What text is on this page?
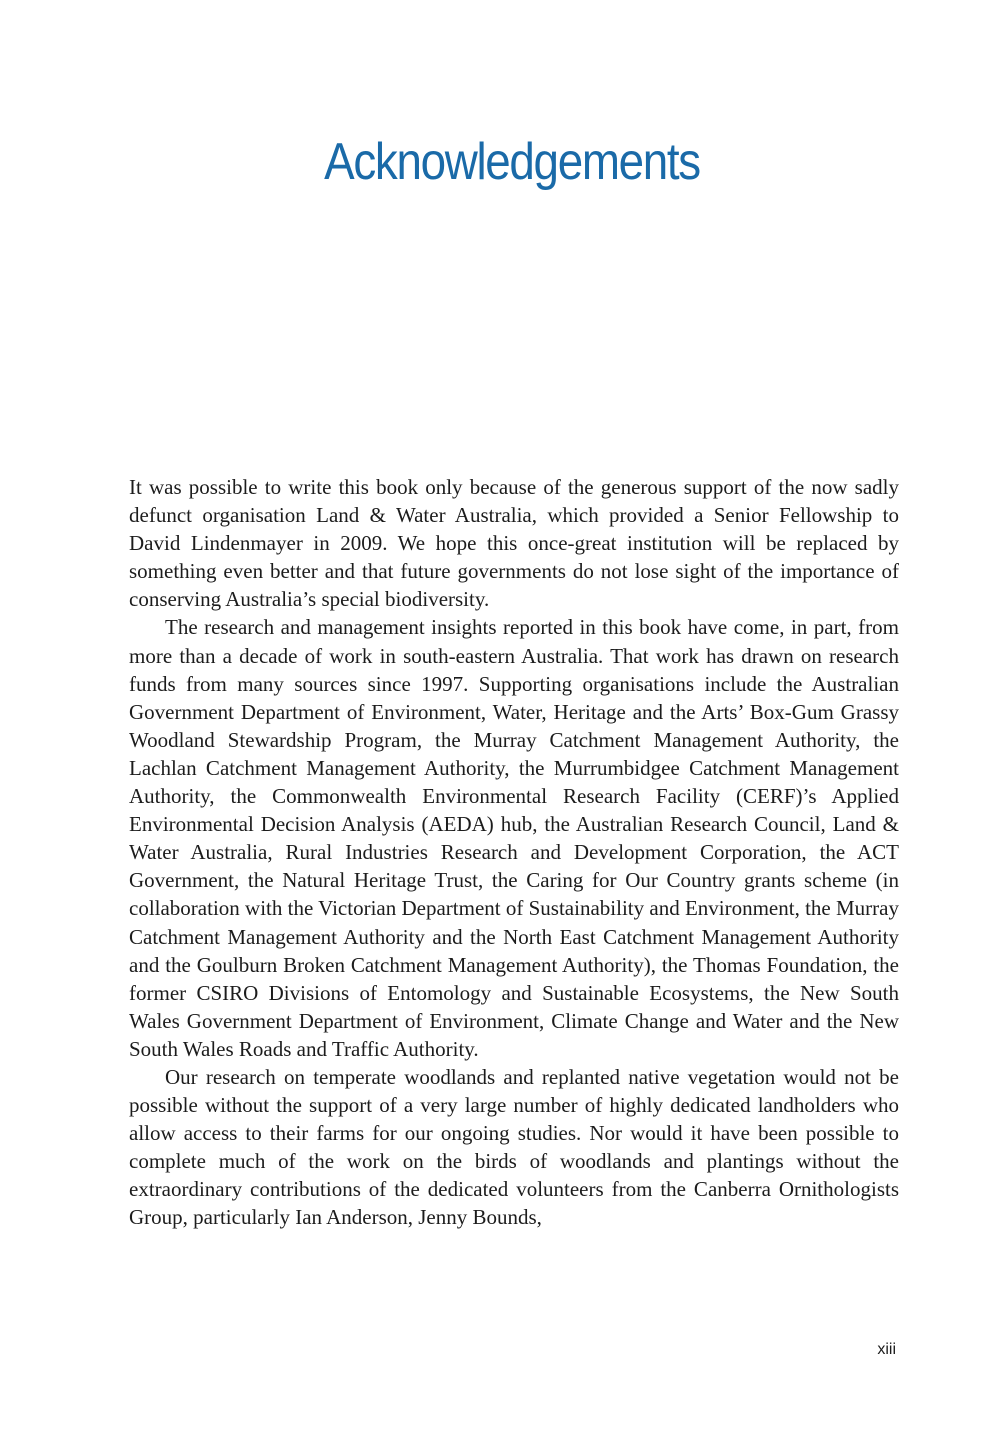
Acknowledgements

It was possible to write this book only because of the generous support of the now sadly defunct organisation Land & Water Australia, which provided a Senior Fellowship to David Lindenmayer in 2009. We hope this once-great institution will be replaced by something even better and that future governments do not lose sight of the importance of conserving Australia’s special biodiversity.

The research and management insights reported in this book have come, in part, from more than a decade of work in south-eastern Australia. That work has drawn on research funds from many sources since 1997. Supporting organisations include the Australian Government Department of Environment, Water, Heritage and the Arts’ Box-Gum Grassy Woodland Stewardship Program, the Murray Catchment Management Authority, the Lachlan Catchment Management Authority, the Murrumbidgee Catchment Management Authority, the Commonwealth Environmental Research Facility (CERF)’s Applied Environmental Decision Analysis (AEDA) hub, the Australian Research Council, Land & Water Australia, Rural Industries Research and Development Corporation, the ACT Government, the Natural Heritage Trust, the Caring for Our Country grants scheme (in collaboration with the Victorian Department of Sustainability and Environment, the Murray Catchment Management Authority and the North East Catchment Management Authority and the Goulburn Broken Catchment Management Authority), the Thomas Foundation, the former CSIRO Divisions of Entomology and Sustainable Ecosystems, the New South Wales Government Department of Environment, Climate Change and Water and the New South Wales Roads and Traffic Authority.

Our research on temperate woodlands and replanted native vegetation would not be possible without the support of a very large number of highly dedicated landholders who allow access to their farms for our ongoing studies. Nor would it have been possible to complete much of the work on the birds of woodlands and plantings without the extraordinary contributions of the dedicated volunteers from the Canberra Ornithologists Group, particularly Ian Anderson, Jenny Bounds,

xiii
